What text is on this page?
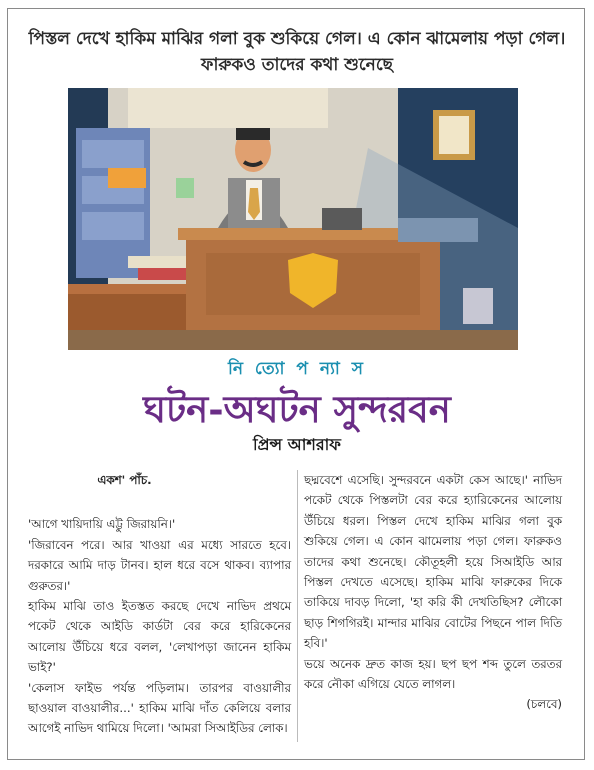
পিস্তল দেখে হাকিম মাঝির গলা বুক শুকিয়ে গেল। এ কোন ঝামেলায় পড়া গেল। ফারুকও তাদের কথা শুনেছে
নি ত্যো প ন্যা স
ঘটন-অঘটন সুন্দরবন
প্রিন্স আশরাফ
একশ' পাঁচ.

'আগে খায়িদায়ি এট্টু জিরায়নি।'

'জিরাবেন পরে। আর খাওয়া এর মধ্যে সারতে হবে। দরকারে আমি দাড় টানব। হাল ধরে বসে থাকব। ব্যাপার গুরুতর।'

হাকিম মাঝি তাও ইতস্তত করছে দেখে নাভিদ প্রথমে পকেট থেকে আইডি কার্ডটা বের করে হারিকেনের আলোয় উঁচিয়ে ধরে বলল, 'লেখাপড়া জানেন হাকিম ভাই?'

'কেলাস ফাইভ পর্যন্ত পড়িলাম। তারপর বাওয়ালীর ছাওয়াল বাওয়ালীর...' হাকিম মাঝি দাঁত কেলিয়ে বলার আগেই নাভিদ থামিয়ে দিলো। 'আমরা সিআইডির লোক।

ছদ্মবেশে এসেছি। সুন্দরবনে একটা কেস আছে।' নাভিদ পকেট থেকে পিস্তলটা বের করে হ্যারিকেনের আলোয় উঁচিয়ে ধরল। পিস্তল দেখে হাকিম মাঝির গলা বুক শুকিয়ে গেল। এ কোন ঝামেলায় পড়া গেল। ফারুকও তাদের কথা শুনেছে। কৌতূহলী হয়ে সিআইডি আর পিস্তল দেখতে এসেছে। হাকিম মাঝি ফারুকের দিকে তাকিয়ে দাবড় দিলো, 'হা করি কী দেখতিছিস? লৌকো ছাড় শিগগিরই। মান্দার মাঝির বোটের পিছনে পাল দিতি হবি।'

ভয়ে অনেক দ্রুত কাজ হয়। ছপ ছপ শব্দ তুলে তরতর করে নৌকা এগিয়ে যেতে লাগল।

(চলবে)
